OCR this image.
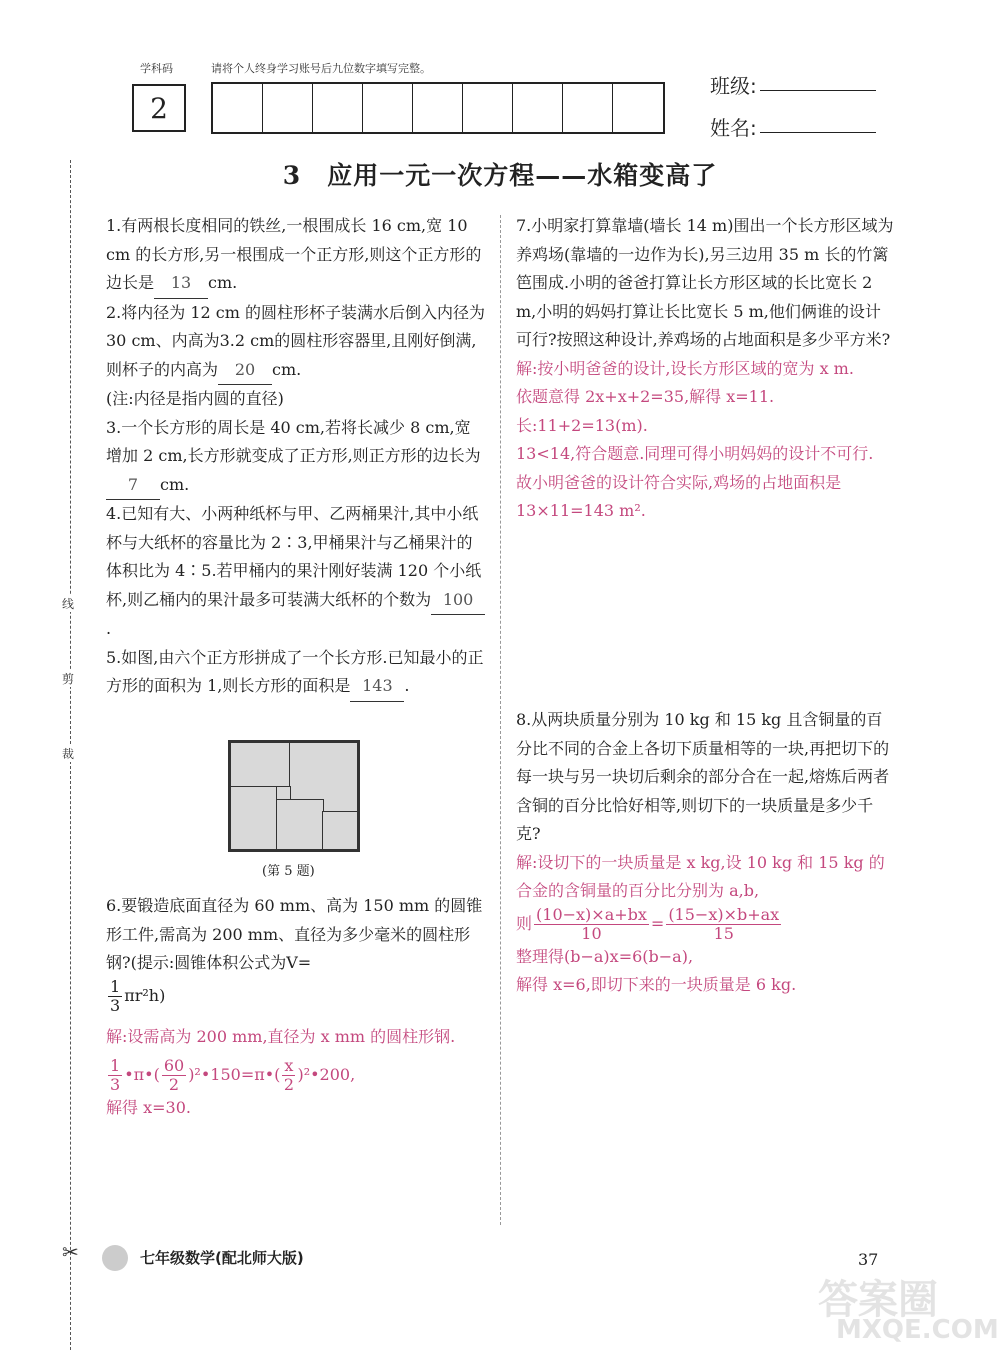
学科码	请将个人终身学习账号后九位数字填写完整。
2
班级:
姓名:
3　应用一元一次方程——水箱变高了
线
剪
裁
✂

1.有两根长度相同的铁丝,一根围成长 16 cm,宽 10 cm 的长方形,另一根围成一个正方形,则这个正方形的边长是 13 cm.

2.将内径为 12 cm 的圆柱形杯子装满水后倒入内径为 30 cm、内高为3.2 cm的圆柱形容器里,且刚好倒满,则杯子的内高为 20 cm.
(注:内径是指内圆的直径)

3.一个长方形的周长是 40 cm,若将长减少 8 cm,宽增加 2 cm,长方形就变成了正方形,则正方形的边长为7 cm.

4.已知有大、小两种纸杯与甲、乙两桶果汁,其中小纸杯与大纸杯的容量比为 2∶3,甲桶果汁与乙桶果汁的体积比为 4∶5.若甲桶内的果汁刚好装满 120 个小纸杯,则乙桶内的果汁最多可装满大纸杯的个数为 100.

5.如图,由六个正方形拼成了一个长方形.已知最小的正方形的面积为 1,则长方形的面积是 143 .

(第 5 题)
6.要锻造底面直径为 60 mm、高为 150 mm 的圆锥形工件,需高为 200 mm、直径为多少毫米的圆柱形钢?(提示:圆锥体积公式为V=

$\frac{1}{3} \pi r^2h$)
解:设需高为 200 mm,直径为 x mm 的圆柱形钢.
$\frac{1}{3}$ •π•( $\frac{60}{2}$ )²•150=π•( $\frac{x}{2}$ )²•200,
解得 x=30.
7.小明家打算靠墙(墙长 14 m)围出一个长方形区域为养鸡场(靠墙的一边作为长),另三边用 35 m 长的竹篱笆围成.小明的爸爸打算让长方形区域的长比宽长 2 m,小明的妈妈打算让长比宽长 5 m,他们俩谁的设计可行?按照这种设计,养鸡场的占地面积是多少平方米?
解:按小明爸爸的设计,设长方形区域的宽为 x m.
依题意得 2x+x+2=35,解得 x=11.
长:11+2=13(m).
13<14,符合题意.同理可得小明妈妈的设计不可行.
故小明爸爸的设计符合实际,鸡场的占地面积是 13×11=143 m².
8.从两块质量分别为 10 kg 和 15 kg 且含铜量的百分比不同的合金上各切下质量相等的一块,再把切下的每一块与另一块切后剩余的部分合在一起,熔炼后两者含铜的百分比恰好相等,则切下的一块质量是多少千克?
解:设切下的一块质量是 x kg,设 10 kg 和 15 kg 的合金的含铜量的百分比分别为 a,b,
则 $\frac{(10-x)\times a+bx}{10} = \frac{(15-x)\times b+ax}{15}$
整理得(b−a)x=6(b−a),
解得 x=6,即切下来的一块质量是 6 kg.
七年级数学(配北师大版)	37
答案圈
MXQE.COM
